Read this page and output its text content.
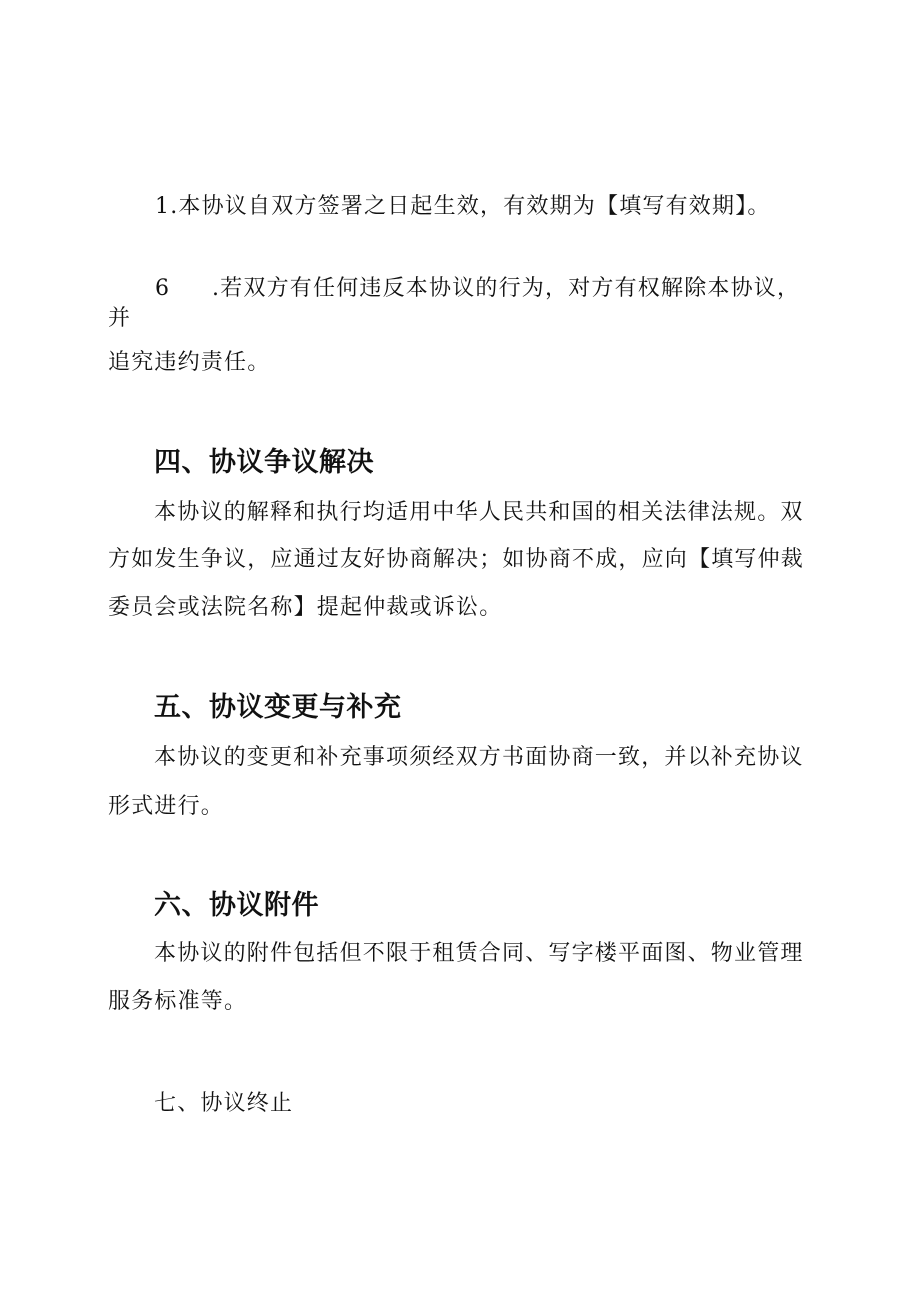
1.本协议自双方签署之日起生效，有效期为【填写有效期】。
6 .若双方有任何违反本协议的行为，对方有权解除本协议，
并
追究违约责任。
四、协议争议解决
本协议的解释和执行均适用中华人民共和国的相关法律法规。双
方如发生争议，应通过友好协商解决；如协商不成，应向【填写仲裁
委员会或法院名称】提起仲裁或诉讼。
五、协议变更与补充
本协议的变更和补充事项须经双方书面协商一致，并以补充协议
形式进行。
六、协议附件
本协议的附件包括但不限于租赁合同、写字楼平面图、物业管理
服务标准等。
七、协议终止
